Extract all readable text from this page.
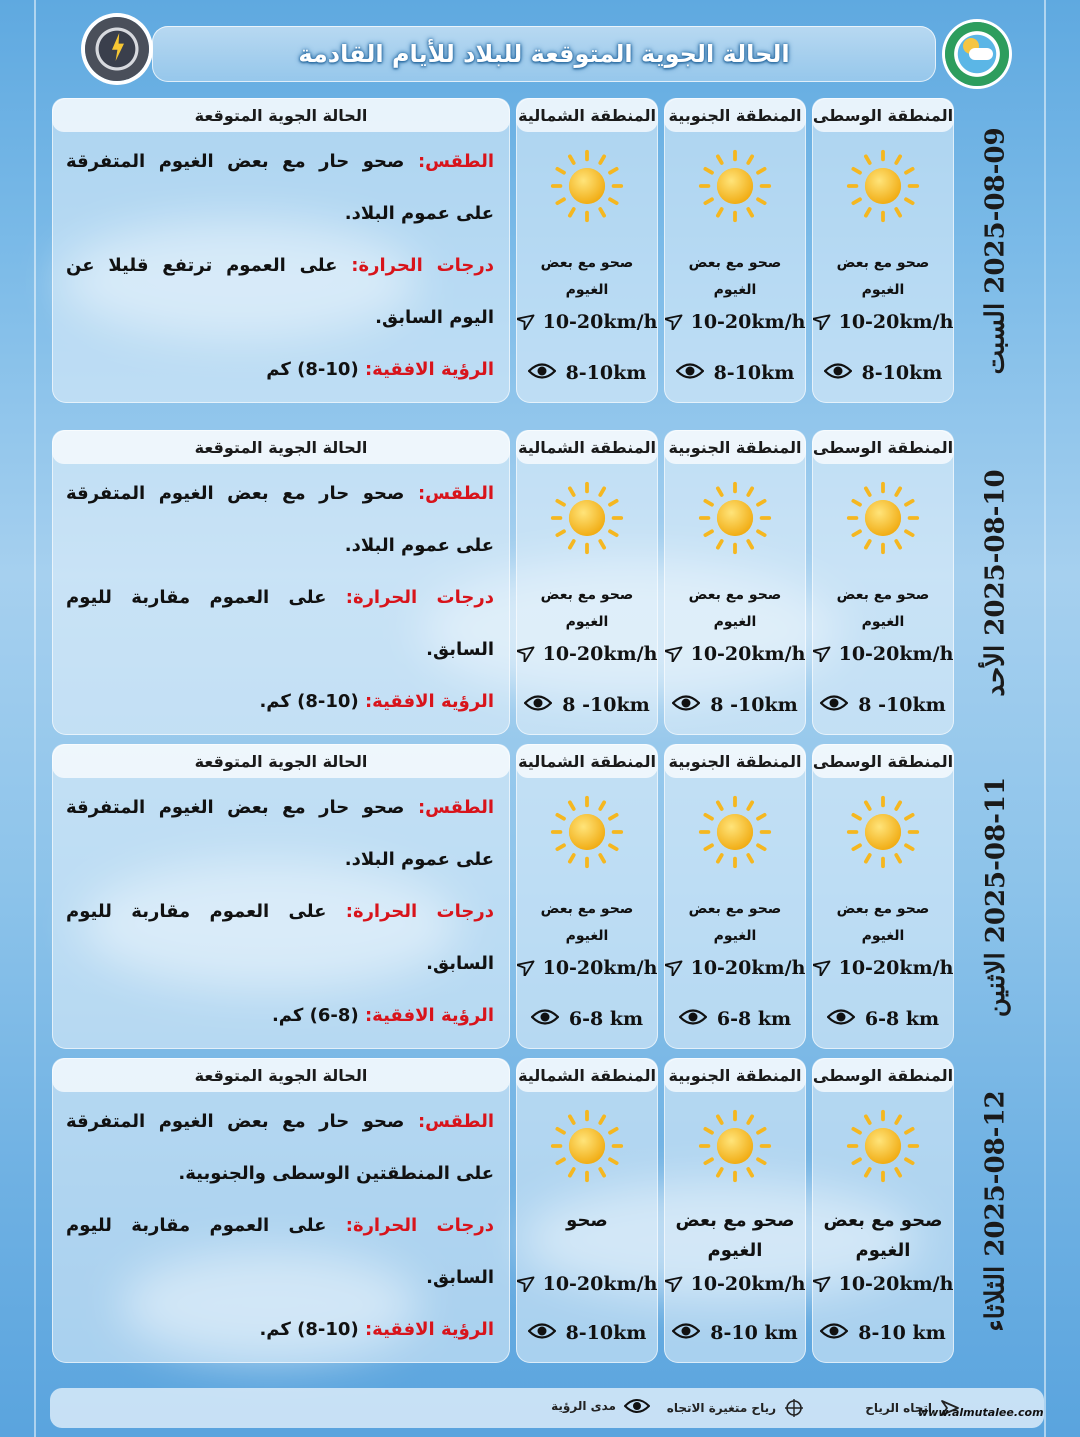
الحالة الجوية المتوقعة للبلاد للأيام القادمة
2025-08-09 السبت
المنطقة الوسطى
صحو مع بعض الغيوم
10-20km/h
8-10km
المنطقة الجنوبية
صحو مع بعض الغيوم
10-20km/h
8-10km
المنطقة الشمالية
صحو مع بعض الغيوم
10-20km/h
8-10km
الحالة الجوية المتوقعة
الطقس: صحو حار مع بعض الغيوم المتفرقة على عموم البلاد.
درجات الحرارة: على العموم ترتفع قليلا عن اليوم السابق.
الرؤية الافقية: (10-8) كم
2025-08-10 الأحد
المنطقة الوسطى
صحو مع بعض الغيوم
10-20km/h
8 -10km
المنطقة الجنوبية
صحو مع بعض الغيوم
10-20km/h
8 -10km
المنطقة الشمالية
صحو مع بعض الغيوم
10-20km/h
8 -10km
الحالة الجوية المتوقعة
الطقس: صحو حار مع بعض الغيوم المتفرقة على عموم البلاد.
درجات الحرارة: على العموم مقاربة لليوم السابق.
الرؤية الافقية: (10-8) كم.
2025-08-11 الاثنين
المنطقة الوسطى
صحو مع بعض الغيوم
10-20km/h
6-8 km
المنطقة الجنوبية
صحو مع بعض الغيوم
10-20km/h
6-8 km
المنطقة الشمالية
صحو مع بعض الغيوم
10-20km/h
6-8 km
الحالة الجوية المتوقعة
الطقس: صحو حار مع بعض الغيوم المتفرقة على عموم البلاد.
درجات الحرارة: على العموم مقاربة لليوم السابق.
الرؤية الافقية: (8-6) كم.
2025-08-12 الثلاثاء
المنطقة الوسطى
صحو مع بعض الغيوم
10-20km/h
8-10 km
المنطقة الجنوبية
صحو مع بعض الغيوم
10-20km/h
8-10 km
المنطقة الشمالية
صحو
10-20km/h
8-10km
الحالة الجوية المتوقعة
الطقس: صحو حار مع بعض الغيوم المتفرقة على المنطقتين الوسطى والجنوبية.
درجات الحرارة: على العموم مقاربة لليوم السابق.
الرؤية الافقية: (10-8) كم.
اتجاه الرياح
رياح متغيرة الاتجاه
مدى الرؤية	www.almutalee.com
